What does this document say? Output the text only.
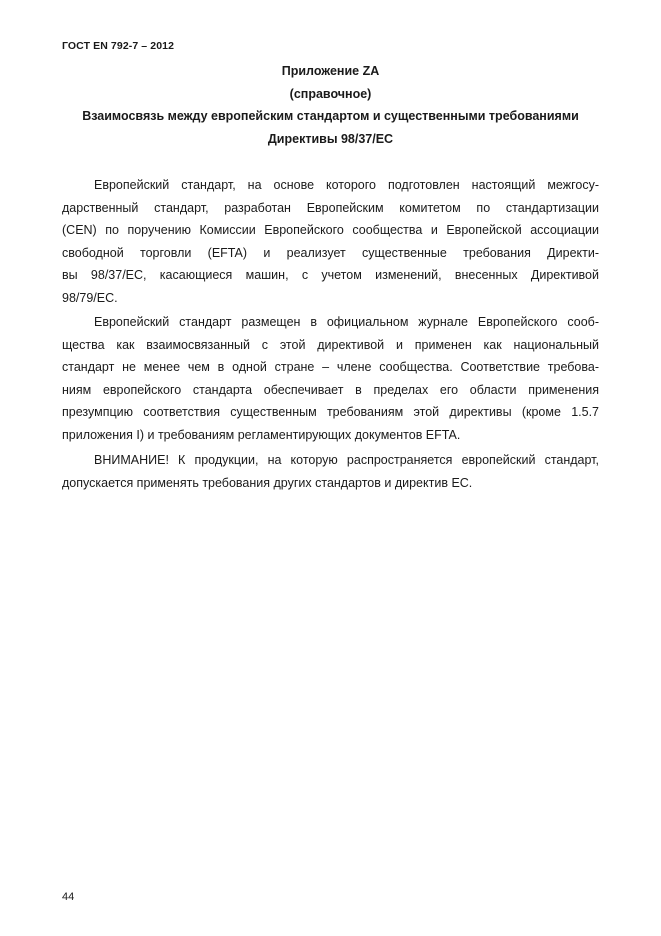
ГОСТ EN 792-7 – 2012
Приложение ZA
(справочное)
Взаимосвязь между европейским стандартом и существенными требованиями
Директивы 98/37/ЕС
Европейский стандарт, на основе которого подготовлен настоящий межгосу-
дарственный стандарт, разработан Европейским комитетом по стандартизации
(CEN) по поручению Комиссии Европейского сообщества и Европейской ассоциации
свободной торговли (EFTA) и реализует существенные требования Директи-
вы 98/37/ЕС, касающиеся машин, с учетом изменений, внесенных Директивой
98/79/ЕС.
Европейский стандарт размещен в официальном журнале Европейского сооб-
щества как взаимосвязанный с этой директивой и применен как национальный
стандарт не менее чем в одной стране – члене сообщества. Соответствие требова-
ниям европейского стандарта обеспечивает в пределах его области применения
презумпцию соответствия существенным требованиям этой директивы (кроме 1.5.7
приложения I) и требованиям регламентирующих документов EFTA.
ВНИМАНИЕ! К продукции, на которую распространяется европейский стандарт,
допускается применять требования других стандартов и директив ЕС.
44
